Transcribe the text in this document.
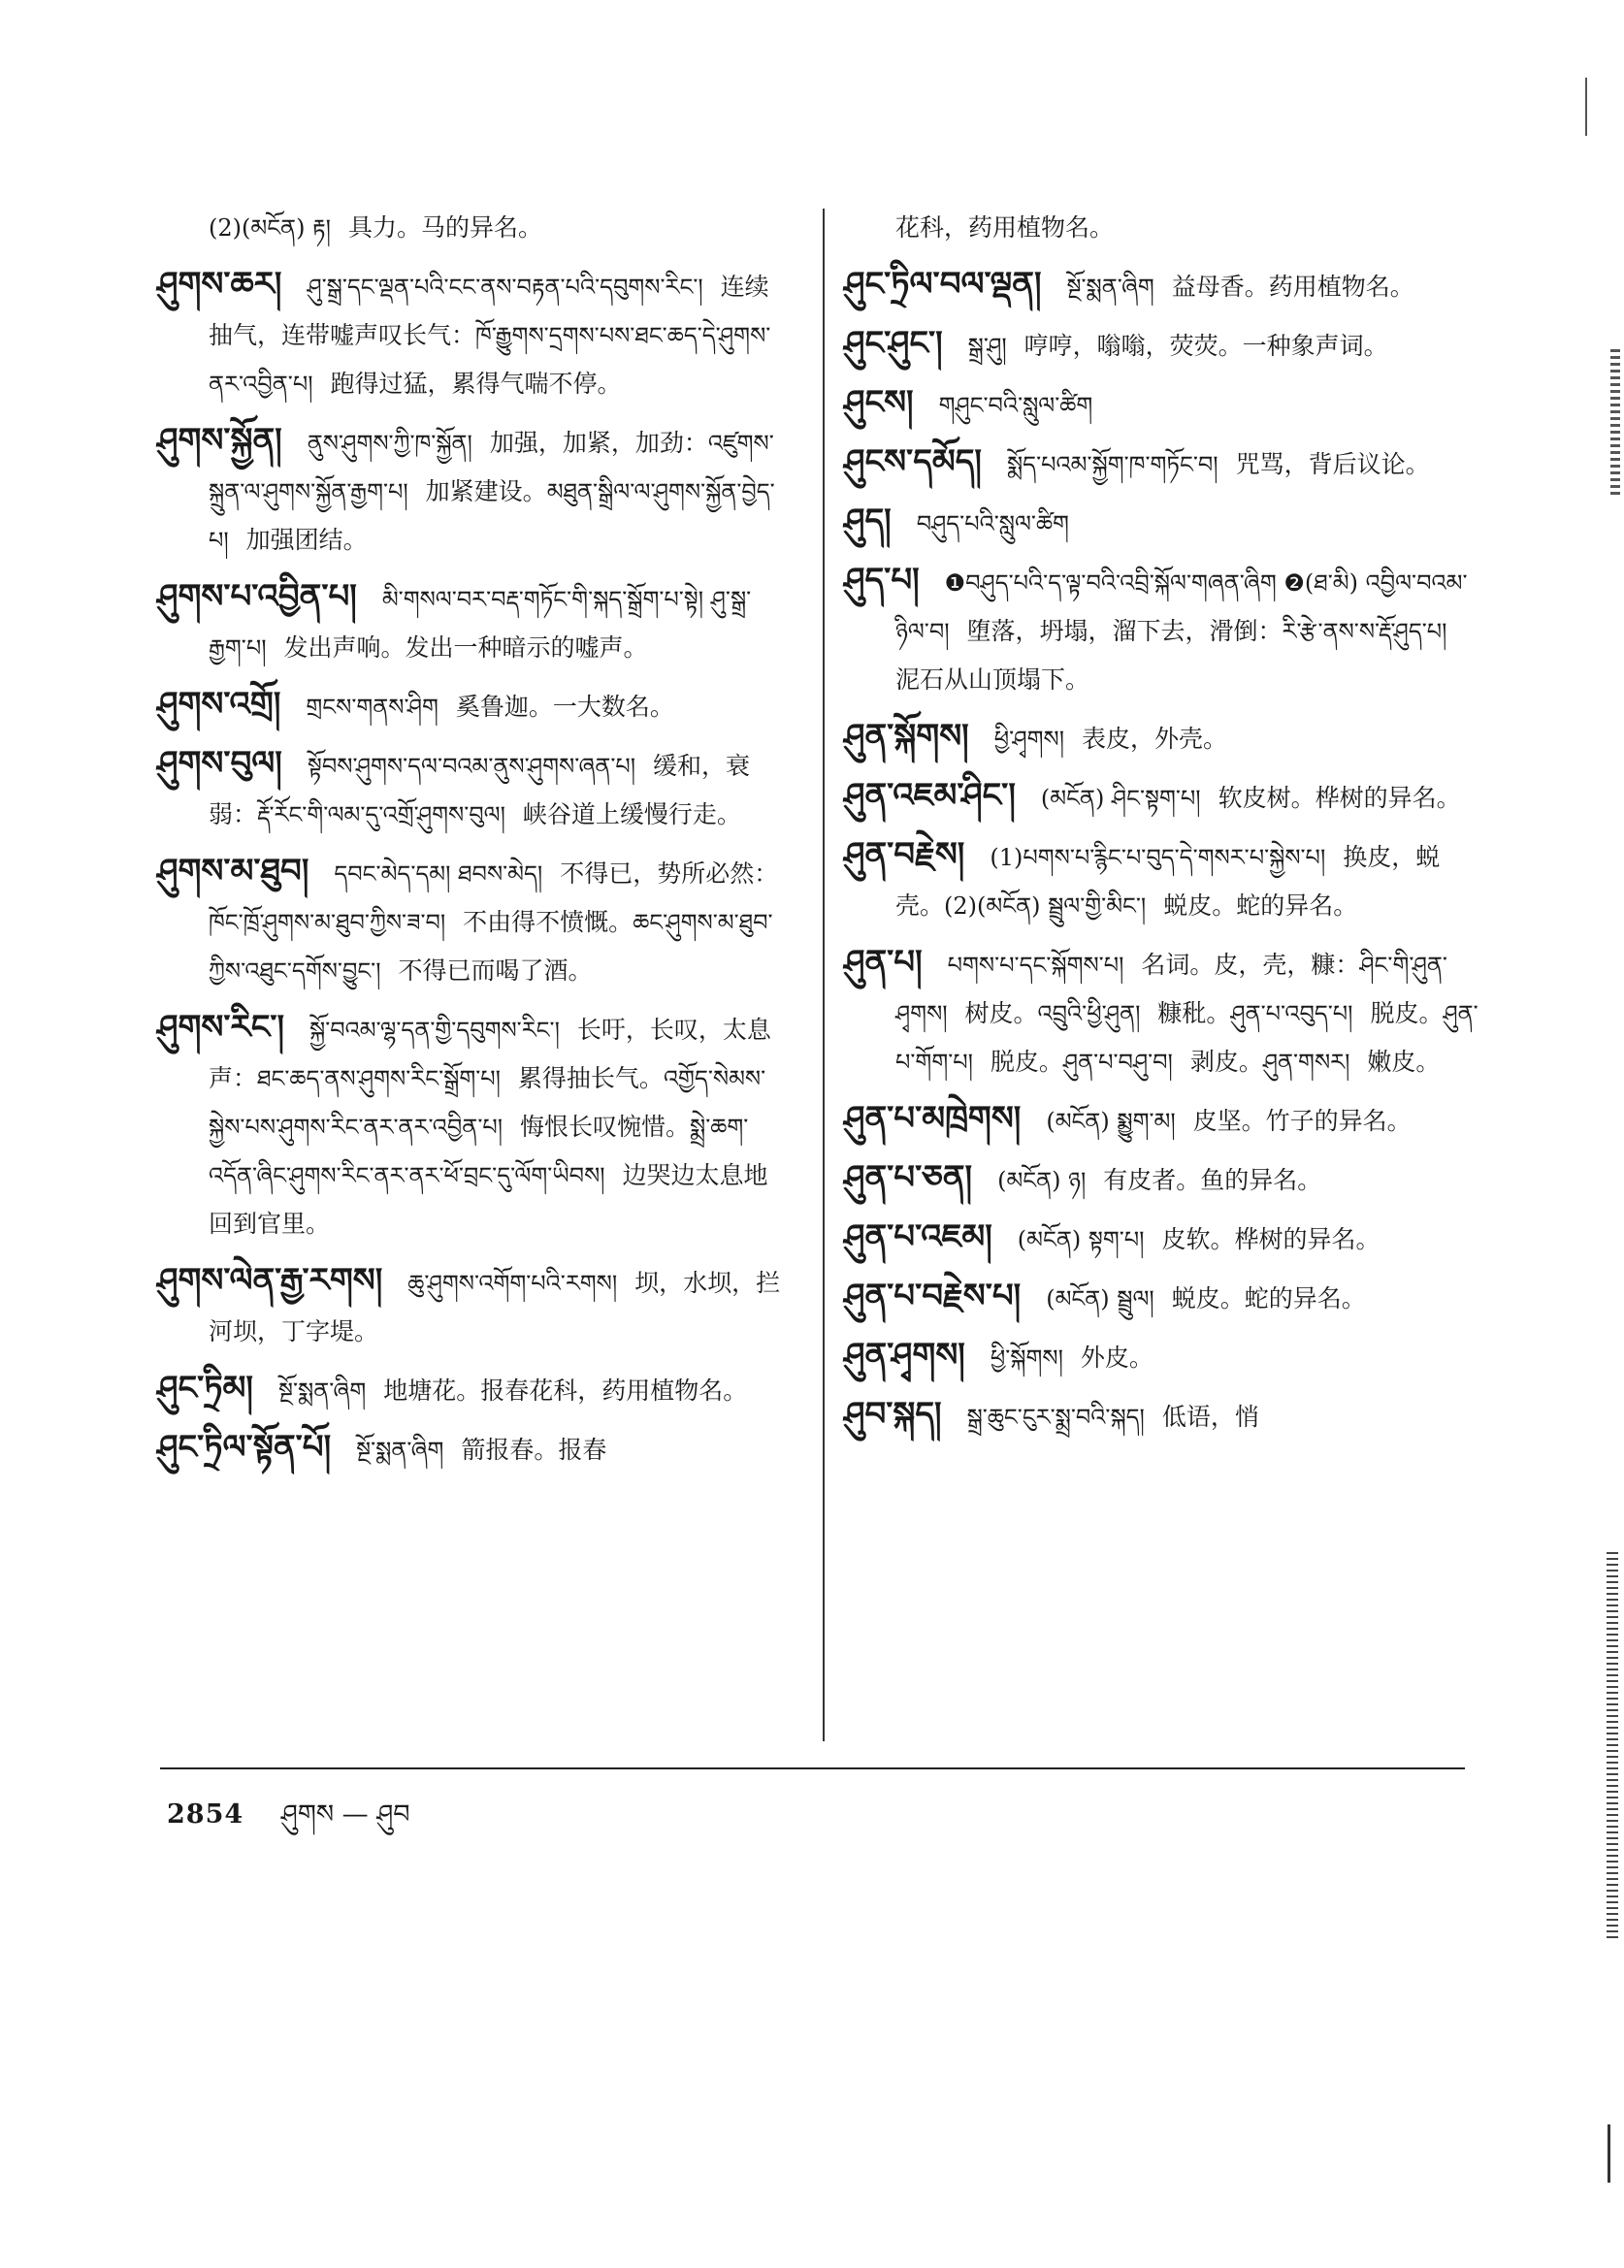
(2)(མངོན) རྟ། 具力。马的异名。
ཤུགས་ཆར། ཤུ་སྒྲ་དང་ལྡན་པའི་ངང་ནས་བརྟན་པའི་དབུགས་རིང་། 连续抽气，连带嘘声叹长气：ཁོ་རྒྱུགས་དྲགས་པས་ཐང་ཆད་དེ་ཤུགས་ནར་འབྱིན་པ། 跑得过猛，累得气喘不停。
ཤུགས་སྐྱོན། ནུས་ཤུགས་ཀྱི་ཁ་སྐྱོན། 加强，加紧，加劲：འཛུགས་སྐྲུན་ལ་ཤུགས་སྐྱོན་རྒྱག་པ། 加紧建设。མཐུན་སྒྲིལ་ལ་ཤུགས་སྐྱོན་བྱེད་པ། 加强团结。
ཤུགས་པ་འབྱིན་པ། མི་གསལ་བར་བརྡ་གཏོང་གི་སྐད་སྒྲོག་པ་སྟེ། ཤུ་སྒྲ་རྒྱག་པ། 发出声响。发出一种暗示的嘘声。
ཤུགས་འགྲོ། གྲངས་གནས་ཤིག 奚鲁迦。一大数名。
ཤུགས་བུལ། སྟོབས་ཤུགས་དལ་བའམ་ནུས་ཤུགས་ཞན་པ། 缓和，衰弱：རྡོ་རོང་གི་ལམ་དུ་འགྲོ་ཤུགས་བུལ། 峡谷道上缓慢行走。
ཤུགས་མ་ཐུབ། དབང་མེད་དམ། ཐབས་མེད། 不得已，势所必然：ཁོང་ཁྲོ་ཤུགས་མ་ཐུབ་ཀྱིས་ཟ་བ། 不由得不愤慨。ཆང་ཤུགས་མ་ཐུབ་ཀྱིས་འཐུང་དགོས་བྱུང་། 不得已而喝了酒。
ཤུགས་རིང་། སྐྱོ་བའམ་ལྷ་དན་གྱི་དབུགས་རིང་། 长吁，长叹，太息声：ཐང་ཆད་ནས་ཤུགས་རིང་སྒྲོག་པ། 累得抽长气。འགྱོད་སེམས་སྐྱེས་པས་ཤུགས་རིང་ནར་ནར་འབྱིན་པ། 悔恨长叹惋惜。སྨྲེ་ཆག་འདོན་ཞིང་ཤུགས་རིང་ནར་ནར་ཕོ་བྲང་དུ་ལོག་ཡིབས། 边哭边太息地回到官里。
ཤུགས་ལེན་རྒྱ་རགས། ཆུ་ཤུགས་འགོག་པའི་རགས། 坝，水坝，拦河坝，丁字堤。
ཤུང་ཏྲིམ། སྔོ་སྨན་ཞིག 地塘花。报春花科，药用植物名。
ཤུང་ཏྲིལ་སྟོན་པོ། སྔོ་སྨན་ཞིག 箭报春。报春
花科，药用植物名。
ཤུང་ཏྲིལ་བལ་ལྡན། སྔོ་སྨན་ཞིག 益母香。药用植物名。
ཤུང་ཤུང་། སྒྲ་ཤུ། 哼哼，嗡嗡，荧荧。一种象声词。
ཤུངས། གཤུང་བའི་སླུལ་ཚིག
ཤུངས་དམོད། སྨོད་པའམ་སྐྱོག་ཁ་གཏོང་བ། 咒骂，背后议论。
ཤུད། བཤུད་པའི་སླུལ་ཚིག
ཤུད་པ། ❶བཤུད་པའི་ད་ལྟ་བའི་འབྲི་སྐོལ་གཞན་ཞིག ❷(ཐ་མི) འབྱིལ་བའམ་ཉིལ་བ། 堕落，坍塌，溜下去，滑倒：རི་རྩེ་ནས་ས་རྡོ་ཤུད་པ། 泥石从山顶塌下。
ཤུན་སྐོགས། ཕྱི་ཤྭགས། 表皮，外壳。
ཤུན་འཇམ་ཤིང་། (མངོན) ཤིང་སྟག་པ། 软皮树。桦树的异名。
ཤུན་བརྗེས། (1)པགས་པ་རྙིང་པ་བུད་དེ་གསར་པ་སྐྱེས་པ། 换皮，蜕壳。(2)(མངོན) སྦྲུལ་གྱི་མིང་། 蜕皮。蛇的异名。
ཤུན་པ། པགས་པ་དང་སྐོགས་པ། 名词。皮，壳，糠：ཤིང་གི་ཤུན་ཤྭགས། 树皮。འབྲུའི་ཕྱི་ཤུན། 糠秕。ཤུན་པ་འབུད་པ། 脱皮。ཤུན་པ་གོག་པ། 脱皮。ཤུན་པ་བཤུ་བ། 剥皮。ཤུན་གསར། 嫩皮。
ཤུན་པ་མཁྲེགས། (མངོན) སྨྱུག་མ། 皮坚。竹子的异名。
ཤུན་པ་ཅན། (མངོན) ཉ། 有皮者。鱼的异名。
ཤུན་པ་འཇམ། (མངོན) སྟག་པ། 皮软。桦树的异名。
ཤུན་པ་བརྗེས་པ། (མངོན) སྦྲུལ། 蜕皮。蛇的异名。
ཤུན་ཤྭགས། ཕྱི་སྐོགས། 外皮。
ཤུབ་སྐད། སྒྲ་ཆུང་ངུར་སྨྲ་བའི་སྐད། 低语，悄
2854 ཤུགས — ཤུབ
